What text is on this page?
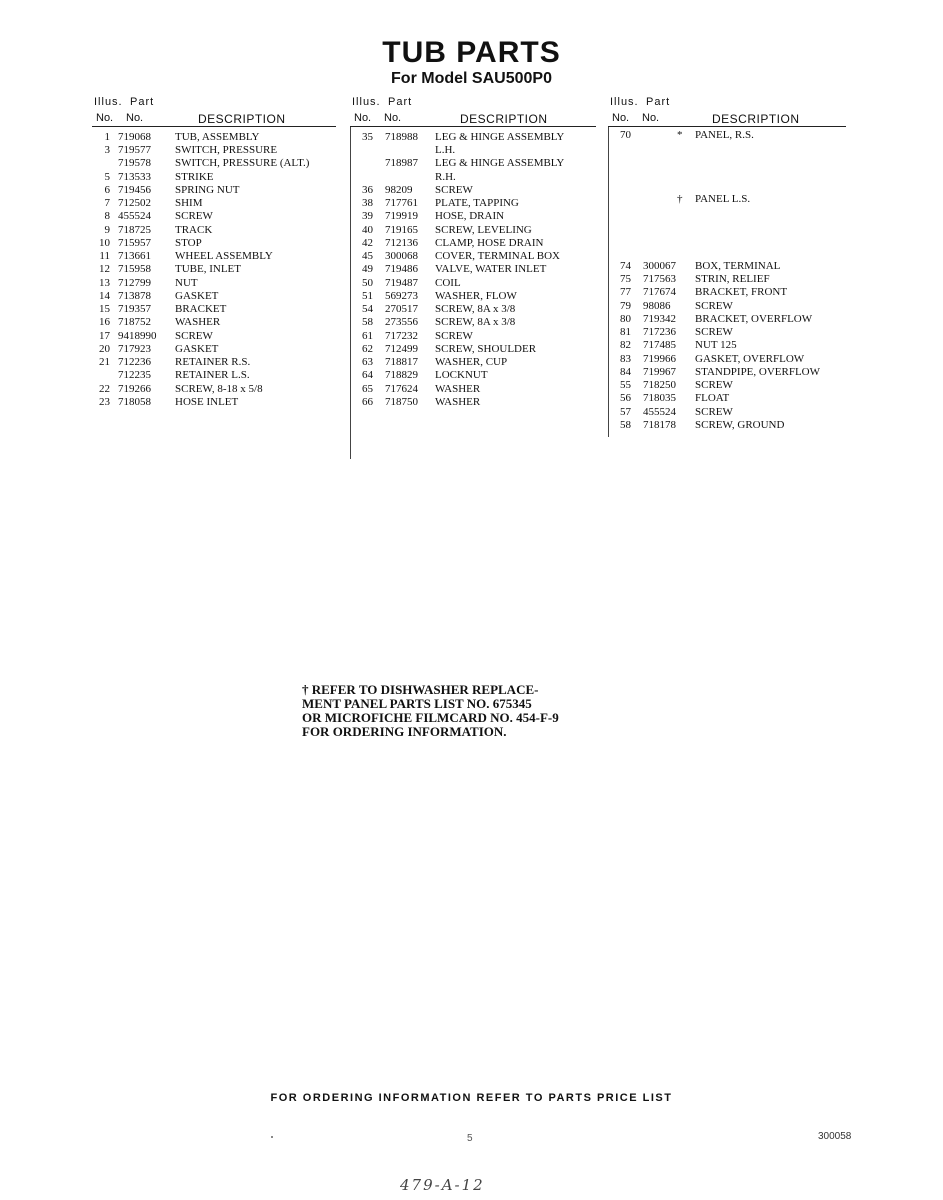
TUB PARTS
For Model SAU500P0
Illus. Part
No. No.	DESCRIPTION
1 719068 TUB, ASSEMBLY
3 719577 SWITCH, PRESSURE
719578 SWITCH, PRESSURE (ALT.)
5 713533 STRIKE
6 719456 SPRING NUT
7 712502 SHIM
8 455524 SCREW
9 718725 TRACK
10 715957 STOP
11 713661 WHEEL ASSEMBLY
12 715958 TUBE, INLET
13 712799 NUT
14 713878 GASKET
15 719357 BRACKET
16 718752 WASHER
17 9418990 SCREW
20 717923 GASKET
21 712236 RETAINER R.S.
712235 RETAINER L.S.
22 719266 SCREW, 8-18 x 5/8
23 718058 HOSE INLET
Illus. Part
No. No.	DESCRIPTION
35 718988 LEG & HINGE ASSEMBLY
L.H.
718987 LEG & HINGE ASSEMBLY
R.H.
36 98209 SCREW
38 717761 PLATE, TAPPING
39 719919 HOSE, DRAIN
40 719165 SCREW, LEVELING
42 712136 CLAMP, HOSE DRAIN
45 300068 COVER, TERMINAL BOX
49 719486 VALVE, WATER INLET
50 719487 COIL
51 569273 WASHER, FLOW
54 270517 SCREW, 8A x 3/8
58 273556 SCREW, 8A x 3/8
61 717232 SCREW
62 712499 SCREW, SHOULDER
63 718817 WASHER, CUP
64 718829 LOCKNUT
65 717624 WASHER
66 718750 WASHER
Illus. Part
No. No.	DESCRIPTION
70	* PANEL, R.S.
† PANEL L.S.
74 300067 BOX, TERMINAL
75 717563 STRIN, RELIEF
77 717674 BRACKET, FRONT
79 98086 SCREW
80 719342 BRACKET, OVERFLOW
81 717236 SCREW
82 717485 NUT 125
83 719966 GASKET, OVERFLOW
84 719967 STANDPIPE, OVERFLOW
55 718250 SCREW
56 718035 FLOAT
57 455524 SCREW
58 718178 SCREW, GROUND
† REFER TO DISHWASHER REPLACE-
MENT PANEL PARTS LIST NO. 675345
OR MICROFICHE FILMCARD NO. 454-F-9
FOR ORDERING INFORMATION.
FOR ORDERING INFORMATION REFER TO PARTS PRICE LIST
5	300058
479-A-12
